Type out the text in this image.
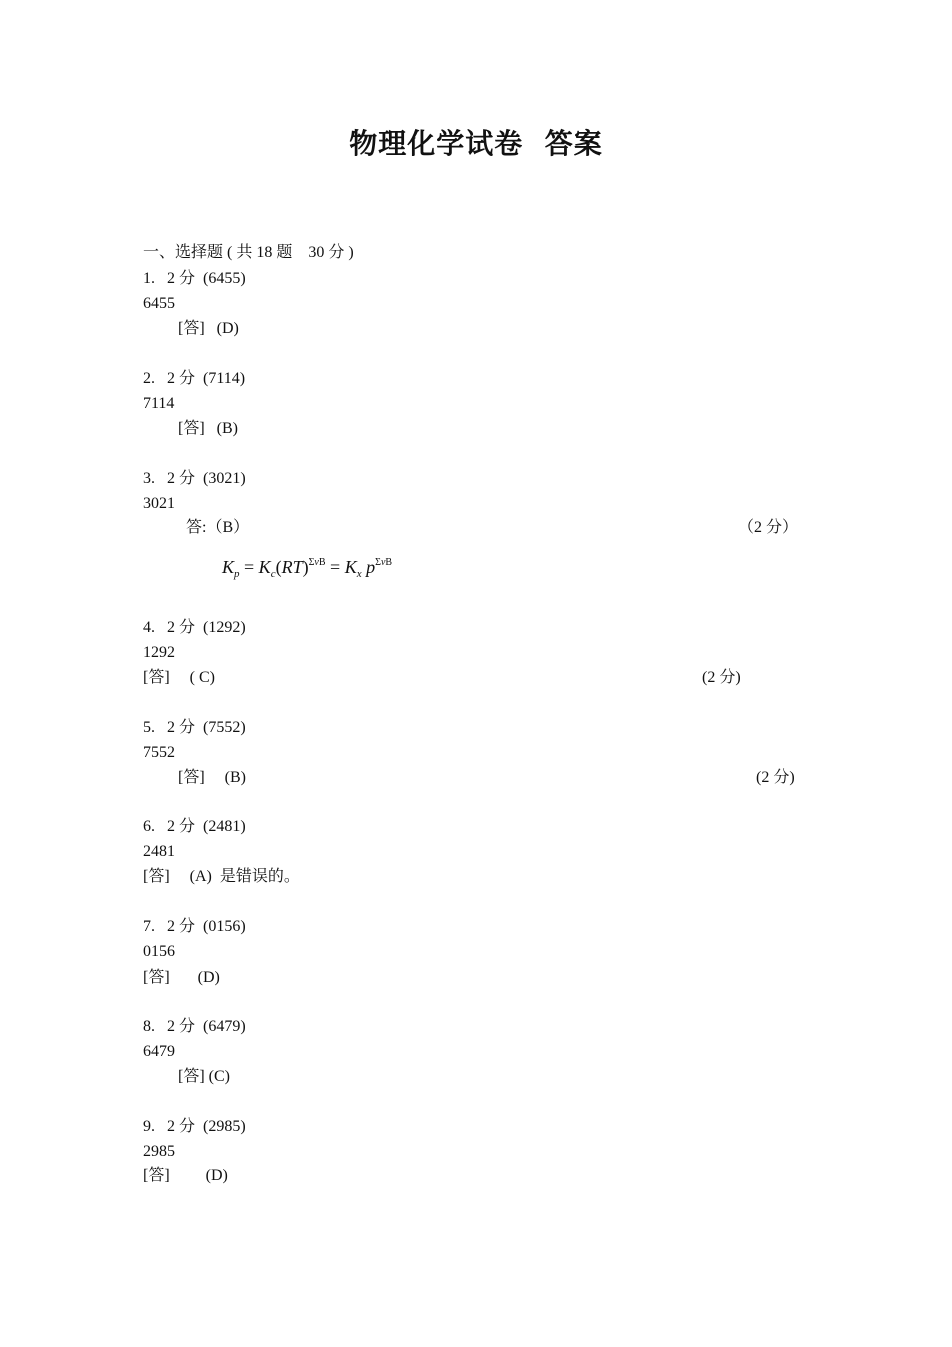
物理化学试卷  答案
一、选择题 ( 共 18 题    30 分 )
1.   2 分  (6455)
6455
[答]   (D)
2.   2 分  (7114)
7114
[答]   (B)
3.   2 分  (3021)
3021
答:（B）	（2 分）
$K_p = K_c(RT)^{\Sigma\nu B} = K_x$ $p^{\Sigma\nu B}$
4.   2 分  (1292)
1292
[答]     ( C)	(2 分)
5.   2 分  (7552)
7552
[答]     (B)	(2 分)
6.   2 分  (2481)
2481
[答]     (A)  是错误的。
7.   2 分  (0156)
0156
[答]       (D)
8.   2 分  (6479)
6479
[答] (C)
9.   2 分  (2985)
2985
[答]         (D)
